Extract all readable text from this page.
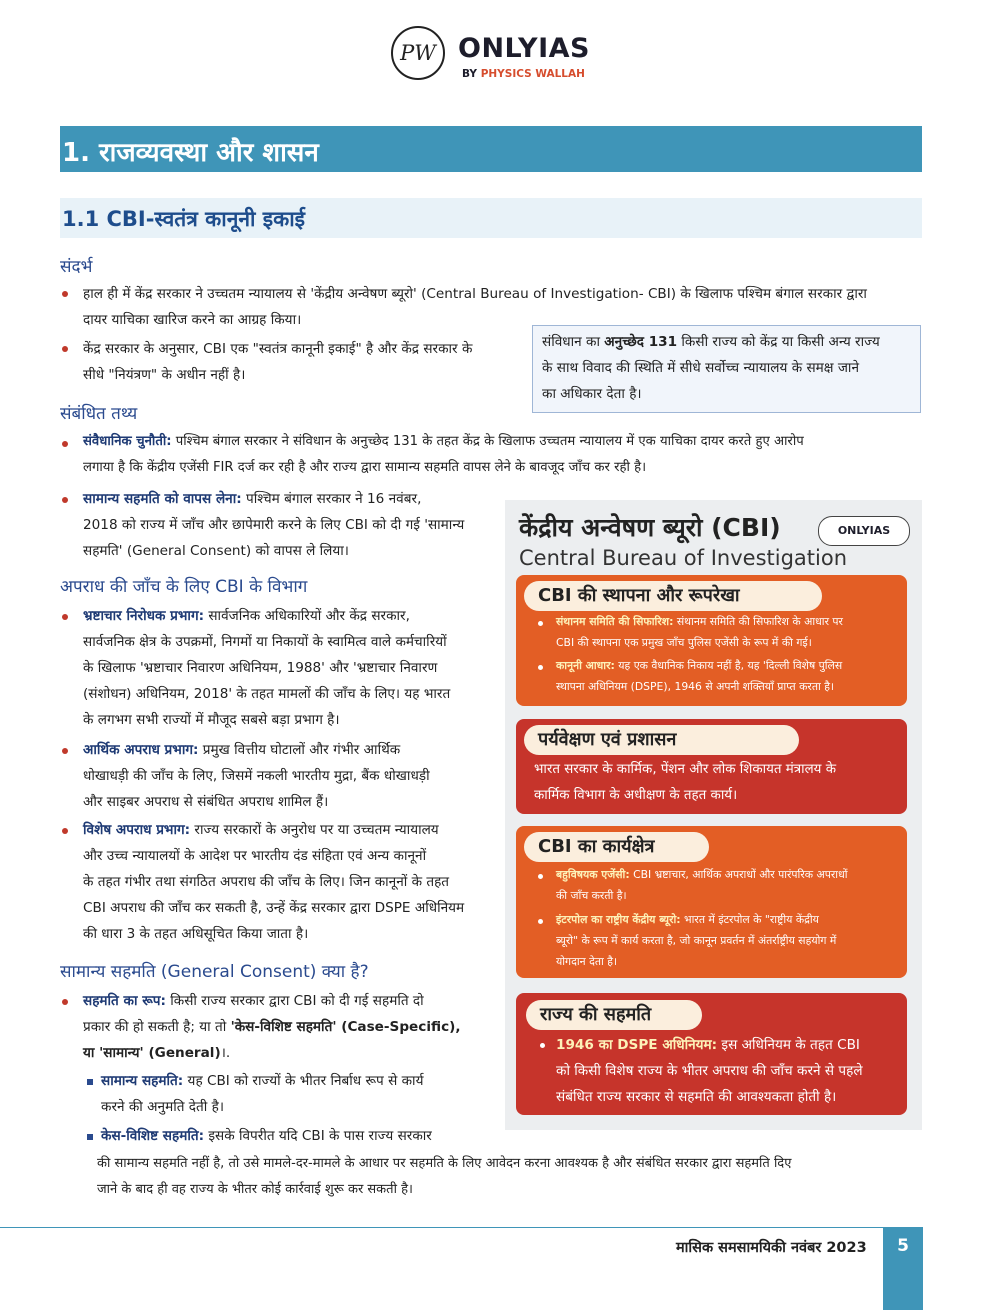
PW ONLYIAS
BY PHYSICS WALLAH
1. राजव्यवस्था और शासन
1.1 CBI-स्वतंत्र कानूनी इकाई
संदर्भ
हाल ही में केंद्र सरकार ने उच्चतम न्यायालय से 'केंद्रीय अन्वेषण ब्यूरो' (Central Bureau of Investigation- CBI) के खिलाफ पश्चिम बंगाल सरकार द्वारा
दायर याचिका खारिज करने का आग्रह किया।
केंद्र सरकार के अनुसार, CBI एक "स्वतंत्र कानूनी इकाई" है और केंद्र सरकार के
सीधे "नियंत्रण" के अधीन नहीं है।
संविधान का अनुच्छेद 131 किसी राज्य को केंद्र या किसी अन्य राज्य
के साथ विवाद की स्थिति में सीधे सर्वोच्च न्यायालय के समक्ष जाने
का अधिकार देता है।
संबंधित तथ्य
संवैधानिक चुनौती: पश्चिम बंगाल सरकार ने संविधान के अनुच्छेद 131 के तहत केंद्र के खिलाफ उच्चतम न्यायालय में एक याचिका दायर करते हुए आरोप
लगाया है कि केंद्रीय एजेंसी FIR दर्ज कर रही है और राज्य द्वारा सामान्य सहमति वापस लेने के बावजूद जाँच कर रही है।
सामान्य सहमति को वापस लेना: पश्चिम बंगाल सरकार ने 16 नवंबर,
2018 को राज्य में जाँच और छापेमारी करने के लिए CBI को दी गई 'सामान्य
सहमति' (General Consent) को वापस ले लिया।
अपराध की जाँच के लिए CBI के विभाग
भ्रष्टाचार निरोधक प्रभाग: सार्वजनिक अधिकारियों और केंद्र सरकार,
सार्वजनिक क्षेत्र के उपक्रमों, निगमों या निकायों के स्वामित्व वाले कर्मचारियों
के खिलाफ 'भ्रष्टाचार निवारण अधिनियम, 1988' और 'भ्रष्टाचार निवारण
(संशोधन) अधिनियम, 2018' के तहत मामलों की जाँच के लिए। यह भारत
के लगभग सभी राज्यों में मौजूद सबसे बड़ा प्रभाग है।
आर्थिक अपराध प्रभाग: प्रमुख वित्तीय घोटालों और गंभीर आर्थिक
धोखाधड़ी की जाँच के लिए, जिसमें नकली भारतीय मुद्रा, बैंक धोखाधड़ी
और साइबर अपराध से संबंधित अपराध शामिल हैं।
विशेष अपराध प्रभाग: राज्य सरकारों के अनुरोध पर या उच्चतम न्यायालय
और उच्च न्यायालयों के आदेश पर भारतीय दंड संहिता एवं अन्य कानूनों
के तहत गंभीर तथा संगठित अपराध की जाँच के लिए। जिन कानूनों के तहत
CBI अपराध की जाँच कर सकती है, उन्हें केंद्र सरकार द्वारा DSPE अधिनियम
की धारा 3 के तहत अधिसूचित किया जाता है।
सामान्य सहमति (General Consent) क्या है?
सहमति का रूप: किसी राज्य सरकार द्वारा CBI को दी गई सहमति दो
प्रकार की हो सकती है; या तो 'केस-विशिष्ट सहमति' (Case-Specific),
या 'सामान्य' (General)।.
सामान्य सहमति: यह CBI को राज्यों के भीतर निर्बाध रूप से कार्य
करने की अनुमति देती है।
केस-विशिष्ट सहमति: इसके विपरीत यदि CBI के पास राज्य सरकार
की सामान्य सहमति नहीं है, तो उसे मामले-दर-मामले के आधार पर सहमति के लिए आवेदन करना आवश्यक है और संबंधित सरकार द्वारा सहमति दिए
जाने के बाद ही वह राज्य के भीतर कोई कार्रवाई शुरू कर सकती है।
केंद्रीय अन्वेषण ब्यूरो (CBI)
Central Bureau of Investigation
ONLYIAS
CBI की स्थापना और रूपरेखा
संथानम समिति की सिफारिश: संथानम समिति की सिफारिश के आधार पर
CBI की स्थापना एक प्रमुख जाँच पुलिस एजेंसी के रूप में की गई।
कानूनी आधार: यह एक वैधानिक निकाय नहीं है, यह 'दिल्ली विशेष पुलिस
स्थापना अधिनियम (DSPE), 1946 से अपनी शक्तियाँ प्राप्त करता है।
पर्यवेक्षण एवं प्रशासन
भारत सरकार के कार्मिक, पेंशन और लोक शिकायत मंत्रालय के
कार्मिक विभाग के अधीक्षण के तहत कार्य।
CBI का कार्यक्षेत्र
बहुविषयक एजेंसी: CBI भ्रष्टाचार, आर्थिक अपराधों और पारंपरिक अपराधों
की जाँच करती है।
इंटरपोल का राष्ट्रीय केंद्रीय ब्यूरो: भारत में इंटरपोल के "राष्ट्रीय केंद्रीय
ब्यूरो" के रूप में कार्य करता है, जो कानून प्रवर्तन में अंतर्राष्ट्रीय सहयोग में
योगदान देता है।
राज्य की सहमति
1946 का DSPE अधिनियम: इस अधिनियम के तहत CBI
को किसी विशेष राज्य के भीतर अपराध की जाँच करने से पहले
संबंधित राज्य सरकार से सहमति की आवश्यकता होती है।
मासिक समसामयिकी नवंबर 2023	5
